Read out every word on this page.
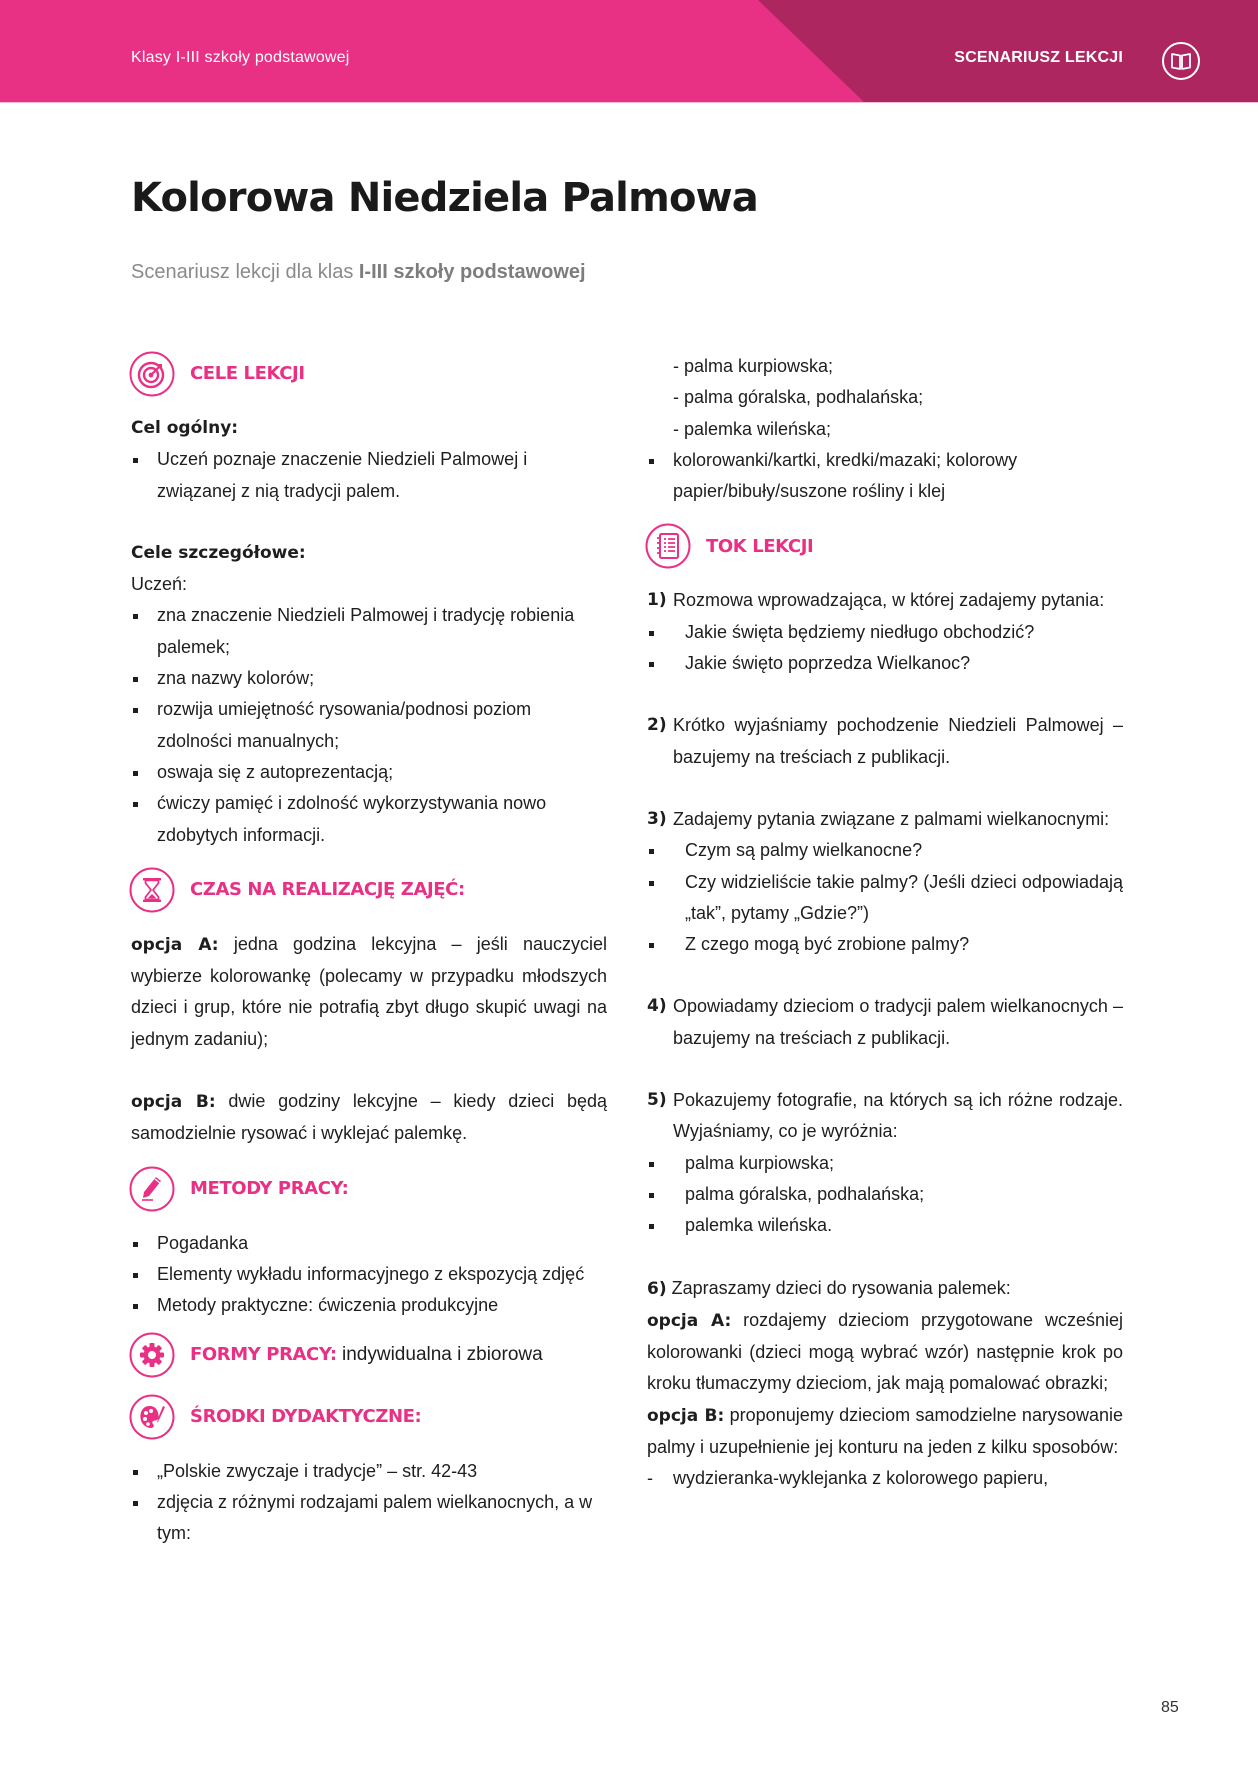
Klasy I-III szkoły podstawowej	SCENARIUSZ LEKCJI
Kolorowa Niedziela Palmowa
Scenariusz lekcji dla klas I-III szkoły podstawowej
CELE LEKCJI
Cel ogólny:
Uczeń poznaje znaczenie Niedzieli Palmowej i związanej z nią tradycji palem.
Cele szczegółowe:
Uczeń:
zna znaczenie Niedzieli Palmowej i tradycję robienia palemek;
zna nazwy kolorów;
rozwija umiejętność rysowania/podnosi poziom zdolności manualnych;
oswaja się z autoprezentacją;
ćwiczy pamięć i zdolność wykorzystywania nowo zdobytych informacji.
CZAS NA REALIZACJĘ ZAJĘĆ:

opcja A: jedna godzina lekcyjna – jeśli nauczyciel wybierze kolorowankę (polecamy w przypadku młodszych dzieci i grup, które nie potrafią zbyt długo skupić uwagi na jednym zadaniu);

opcja B: dwie godziny lekcyjne – kiedy dzieci będą samodzielnie rysować i wyklejać palemkę.

METODY PRACY:
Pogadanka
Elementy wykładu informacyjnego z ekspozycją zdjęć
Metody praktyczne: ćwiczenia produkcyjne
FORMY PRACY: indywidualna i zbiorowa
ŚRODKI DYDAKTYCZNE:
„Polskie zwyczaje i tradycje” – str. 42-43
zdjęcia z różnymi rodzajami palem wielkanocnych, a w tym:
- palma kurpiowska;
- palma góralska, podhalańska;
- palemka wileńska;
kolorowanki/kartki, kredki/mazaki; kolorowy papier/bibuły/suszone rośliny i klej
TOK LEKCJI
1) Rozmowa wprowadzająca, w której zadajemy pytania:
Jakie święta będziemy niedługo obchodzić?
Jakie święto poprzedza Wielkanoc?
2) Krótko wyjaśniamy pochodzenie Niedzieli Palmowej – bazujemy na treściach z publikacji.
3) Zadajemy pytania związane z palmami wielkanocnymi:
Czym są palmy wielkanocne?
Czy widzieliście takie palmy? (Jeśli dzieci odpowiadają „tak”, pytamy „Gdzie?”)
Z czego mogą być zrobione palmy?
4) Opowiadamy dzieciom o tradycji palem wielkanocnych – bazujemy na treściach z publikacji.
5) Pokazujemy fotografie, na których są ich różne rodzaje. Wyjaśniamy, co je wyróżnia:
palma kurpiowska;
palma góralska, podhalańska;
palemka wileńska.
6) Zapraszamy dzieci do rysowania palemek:
opcja A: rozdajemy dzieciom przygotowane wcześniej kolorowanki (dzieci mogą wybrać wzór) następnie krok po kroku tłumaczymy dzieciom, jak mają pomalować obrazki;
opcja B: proponujemy dzieciom samodzielne narysowanie palmy i uzupełnienie jej konturu na jeden z kilku sposobów:
- wydzieranka-wyklejanka z kolorowego papieru,
85
